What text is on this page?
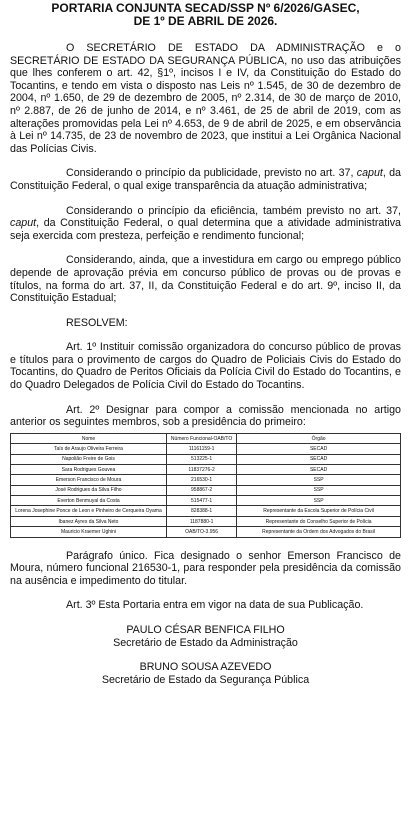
PORTARIA CONJUNTA SECAD/SSP Nº 6/2026/GASEC,
DE 1º DE ABRIL DE 2026.

O SECRETÁRIO DE ESTADO DA ADMINISTRAÇÃO e o SECRETÁRIO DE ESTADO DA SEGURANÇA PÚBLICA, no uso das atribuições que lhes conferem o art. 42, §1º, incisos I e IV, da Constituição do Estado do Tocantins, e tendo em vista o disposto nas Leis nº 1.545, de 30 de dezembro de 2004, nº 1.650, de 29 de dezembro de 2005, nº 2.314, de 30 de março de 2010, nº 2.887, de 26 de junho de 2014, e nº 3.461, de 25 de abril de 2019, com as alterações promovidas pela Lei nº 4.653, de 9 de abril de 2025, e em observância à Lei nº 14.735, de 23 de novembro de 2023, que institui a Lei Orgânica Nacional das Polícias Civis.

Considerando o princípio da publicidade, previsto no art. 37, caput, da Constituição Federal, o qual exige transparência da atuação administrativa;

Considerando o princípio da eficiência, também previsto no art. 37, caput, da Constituição Federal, o qual determina que a atividade administrativa seja exercida com presteza, perfeição e rendimento funcional;

Considerando, ainda, que a investidura em cargo ou emprego público depende de aprovação prévia em concurso público de provas ou de provas e títulos, na forma do art. 37, II, da Constituição Federal e do art. 9º, inciso II, da Constituição Estadual;

RESOLVEM:

Art. 1º Instituir comissão organizadora do concurso público de provas e títulos para o provimento de cargos do Quadro de Policiais Civis do Estado do Tocantins, do Quadro de Peritos Oficiais da Polícia Civil do Estado do Tocantins, e do Quadro Delegados de Polícia Civil do Estado do Tocantins.

Art. 2º Designar para compor a comissão mencionada no artigo anterior os seguintes membros, sob a presidência do primeiro:

Nome	Número Funcional-OAB/TO	Órgão
Taís de Araujo Oliveira Ferreira	11161159-1	SECAD
Napoli​ão Freire de Gois	513225-1	SECAD
Sara Rodrigues Gouvea	11837276-2	SECAD
Emerson Francisco de Moura	216530-1	SSP
José Rodrigues da Silva Filho	958867-2	SSP
Everton Benmuyal da Costa	515477-1	SSP
Lorena Josephine Ponce de Leon e Pinheiro de Cerqueira Oyama	828388-1	Representante da Escola Superior de Polícia Civil
Ibanez Ayres da Silva Neto	1187880-1	Representante do Conselho Superior de Polícia
Mauricio Kraemer Ughini	OAB/TO-3.956	Representante da Ordem dos Advogados do Brasil

Parágrafo único. Fica designado o senhor Emerson Francisco de Moura, número funcional 216530-1, para responder pela presidência da comissão na ausência e impedimento do titular.

Art. 3º Esta Portaria entra em vigor na data de sua Publicação.

PAULO CÉSAR BENFICA FILHO
Secretário de Estado da Administração
BRUNO SOUSA AZEVEDO
Secretário de Estado da Segurança Pública
